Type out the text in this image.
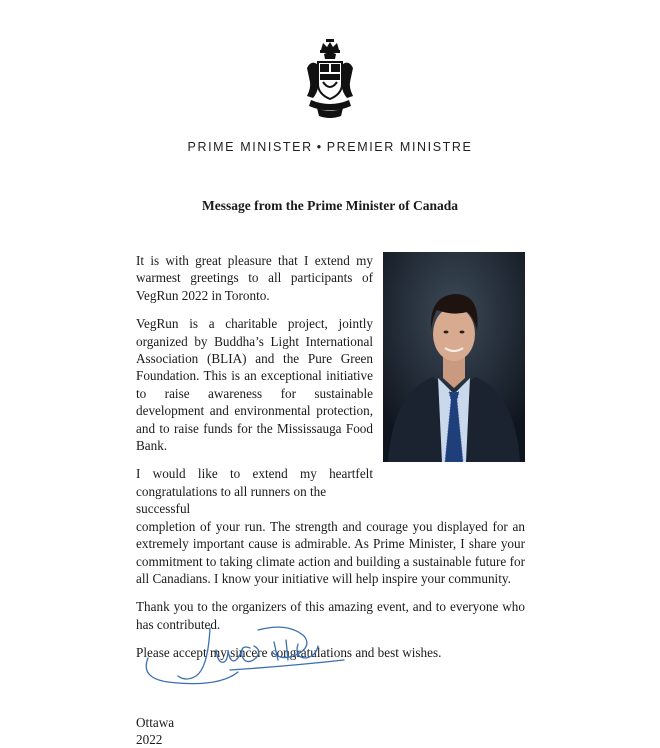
PRIME MINISTER • PREMIER MINISTRE
Message from the Prime Minister of Canada

It is with great pleasure that I extend my warmest greetings to all participants of VegRun 2022 in Toronto.

VegRun is a charitable project, jointly organized by Buddha’s Light International Association (BLIA) and the Pure Green Foundation. This is an exceptional initiative to raise awareness for sustainable development and environmental protection, and to raise funds for the Mississauga Food Bank.

I would like to extend my heartfelt
congratulations to all runners on the successful
completion of your run. The strength and courage you displayed for an extremely important cause is admirable. As Prime Minister, I share your commitment to taking climate action and building a sustainable future for all Canadians. I know your initiative will help inspire your community.

Thank you to the organizers of this amazing event, and to everyone who has contributed.

Please accept my sincere congratulations and best wishes.

Ottawa
2022
